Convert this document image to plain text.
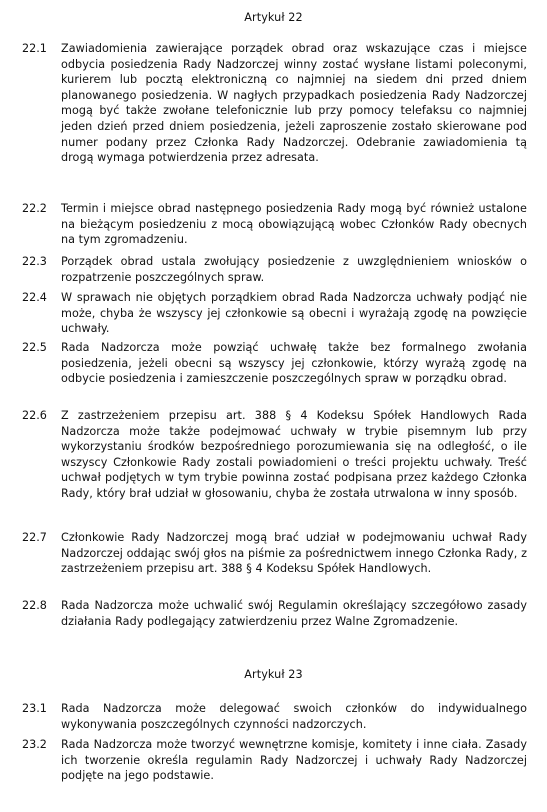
Artykuł 22
22.1	Zawiadomienia zawierające porządek obrad oraz wskazujące czas i miejsce odbycia posiedzenia Rady Nadzorczej winny zostać wysłane listami poleconymi, kurierem lub pocztą elektroniczną co najmniej na siedem dni przed dniem planowanego posiedzenia. W nagłych przypadkach posiedzenia Rady Nadzorczej mogą być także zwołane telefonicznie lub przy pomocy telefaksu co najmniej jeden dzień przed dniem posiedzenia, jeżeli zaproszenie zostało skierowane pod numer podany przez Członka Rady Nadzorczej. Odebranie zawiadomienia tą drogą wymaga potwierdzenia przez adresata.
22.2	Termin i miejsce obrad następnego posiedzenia Rady mogą być również ustalone na bieżącym posiedzeniu z mocą obowiązującą wobec Członków Rady obecnych na tym zgromadzeniu.
22.3	Porządek obrad ustala zwołujący posiedzenie z uwzględnieniem wniosków o rozpatrzenie poszczególnych spraw.
22.4	W sprawach nie objętych porządkiem obrad Rada Nadzorcza uchwały podjąć nie może, chyba że wszyscy jej członkowie są obecni i wyrażają zgodę na powzięcie uchwały.
22.5	Rada Nadzorcza może powziąć uchwałę także bez formalnego zwołania posiedzenia, jeżeli obecni są wszyscy jej członkowie, którzy wyrażą zgodę na odbycie posiedzenia i zamieszczenie poszczególnych spraw w porządku obrad.
22.6	Z zastrzeżeniem przepisu art. 388 § 4 Kodeksu Spółek Handlowych Rada Nadzorcza może także podejmować uchwały w trybie pisemnym lub przy wykorzystaniu środków bezpośredniego porozumiewania się na odległość, o ile wszyscy Członkowie Rady zostali powiadomieni o treści projektu uchwały. Treść uchwał podjętych w tym trybie powinna zostać podpisana przez każdego Członka Rady, który brał udział w głosowaniu, chyba że została utrwalona w inny sposób.
22.7	Członkowie Rady Nadzorczej mogą brać udział w podejmowaniu uchwał Rady Nadzorczej oddając swój głos na piśmie za pośrednictwem innego Członka Rady, z zastrzeżeniem przepisu art. 388 § 4 Kodeksu Spółek Handlowych.
22.8	Rada Nadzorcza może uchwalić swój Regulamin określający szczegółowo zasady działania Rady podlegający zatwierdzeniu przez Walne Zgromadzenie.
Artykuł 23
23.1	Rada Nadzorcza może delegować swoich członków do indywidualnego wykonywania poszczególnych czynności nadzorczych.
23.2	Rada Nadzorcza może tworzyć wewnętrzne komisje, komitety i inne ciała. Zasady ich tworzenie określa regulamin Rady Nadzorczej i uchwały Rady Nadzorczej podjęte na jego podstawie.
